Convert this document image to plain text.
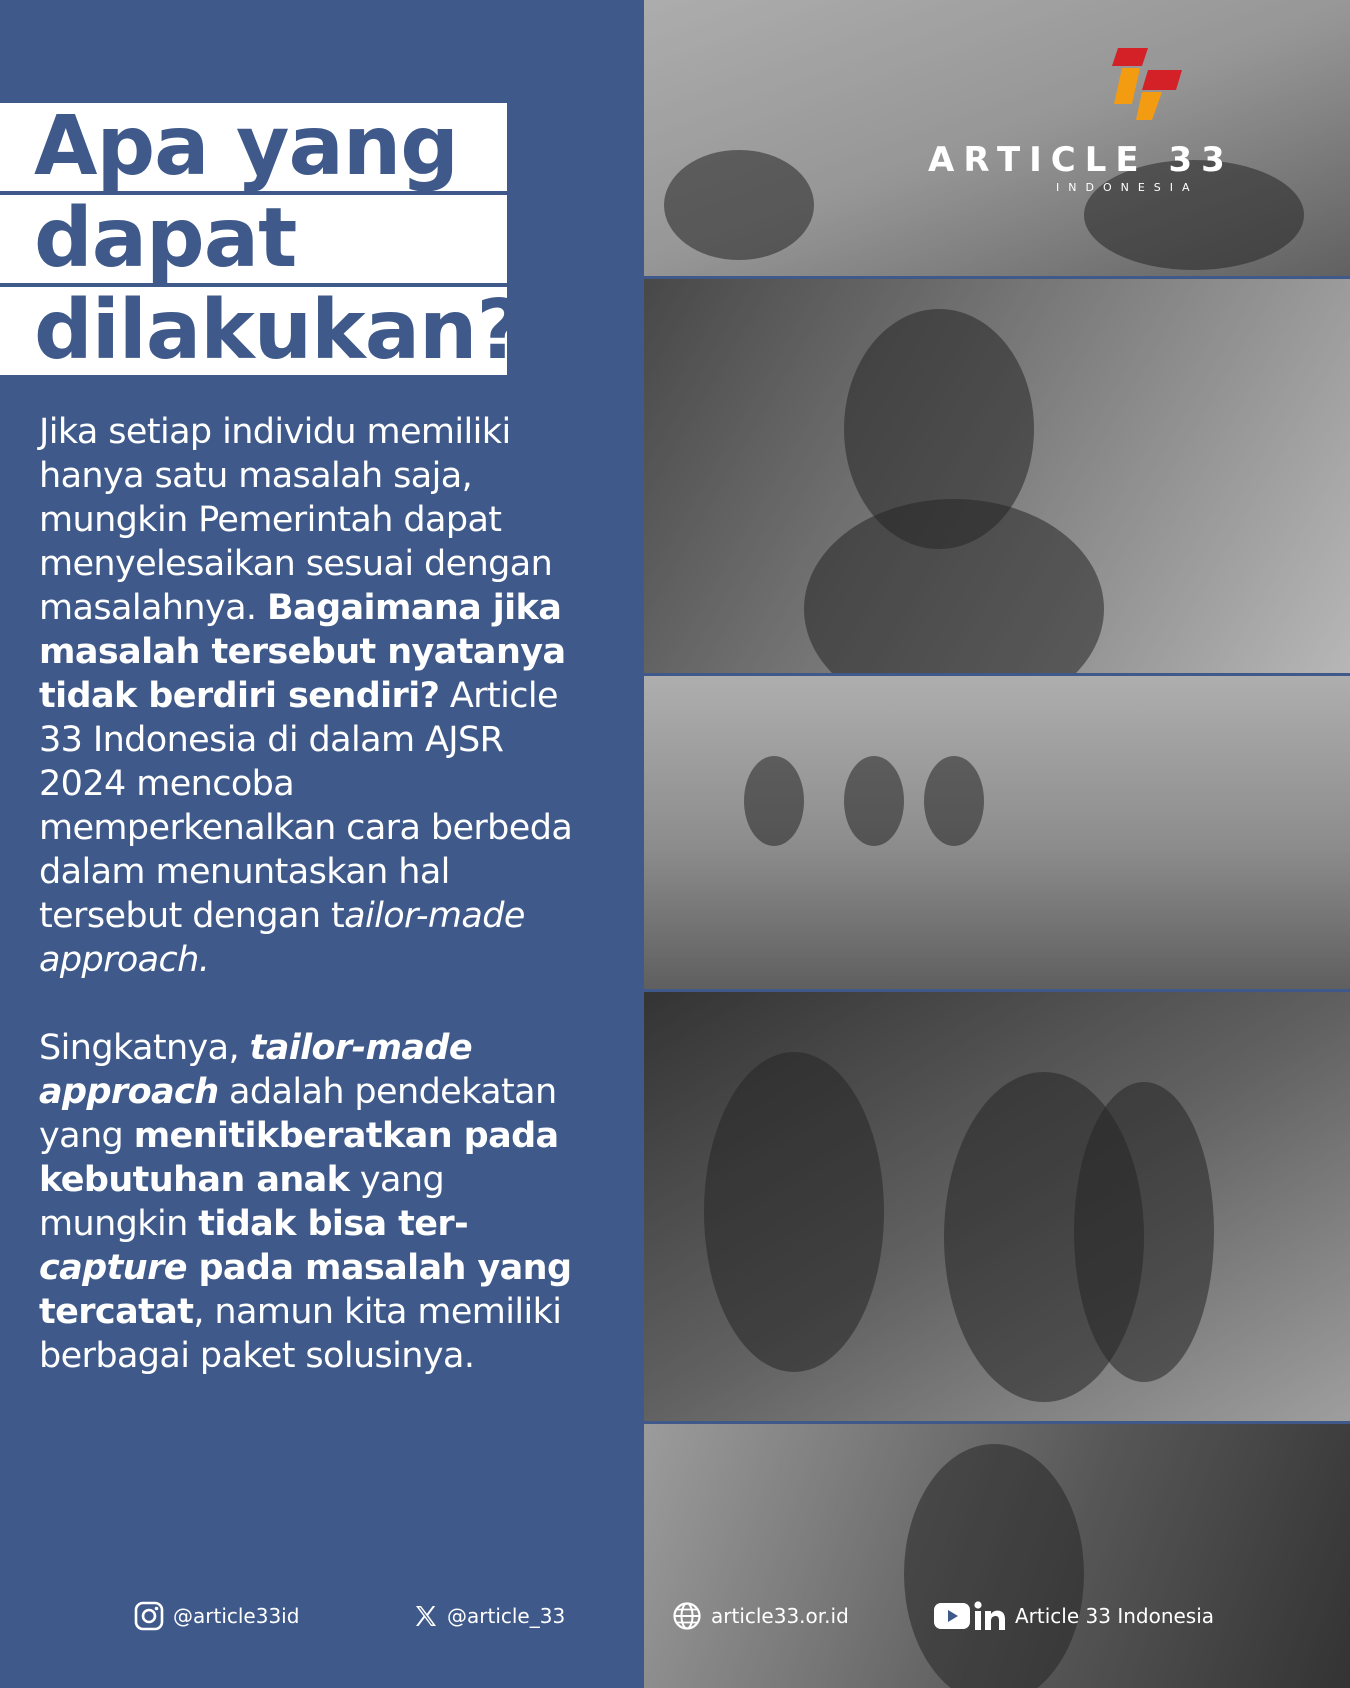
Apa yang
dapat
dilakukan?

Jika setiap individu memiliki hanya satu masalah saja, mungkin Pemerintah dapat menyelesaikan sesuai dengan masalahnya. Bagaimana jika masalah tersebut nyatanya tidak berdiri sendiri? Article 33 Indonesia di dalam AJSR 2024 mencoba memperkenalkan cara berbeda dalam menuntaskan hal tersebut dengan tailor-made approach.

Singkatnya, tailor-made approach adalah pendekatan yang menitikberatkan pada kebutuhan anak yang mungkin tidak bisa ter-capture pada masalah yang tercatat, namun kita memiliki berbagai paket solusinya.

ARTICLE 33
INDONESIA
@article33id	@article_33	article33.or.id	Article 33 Indonesia
